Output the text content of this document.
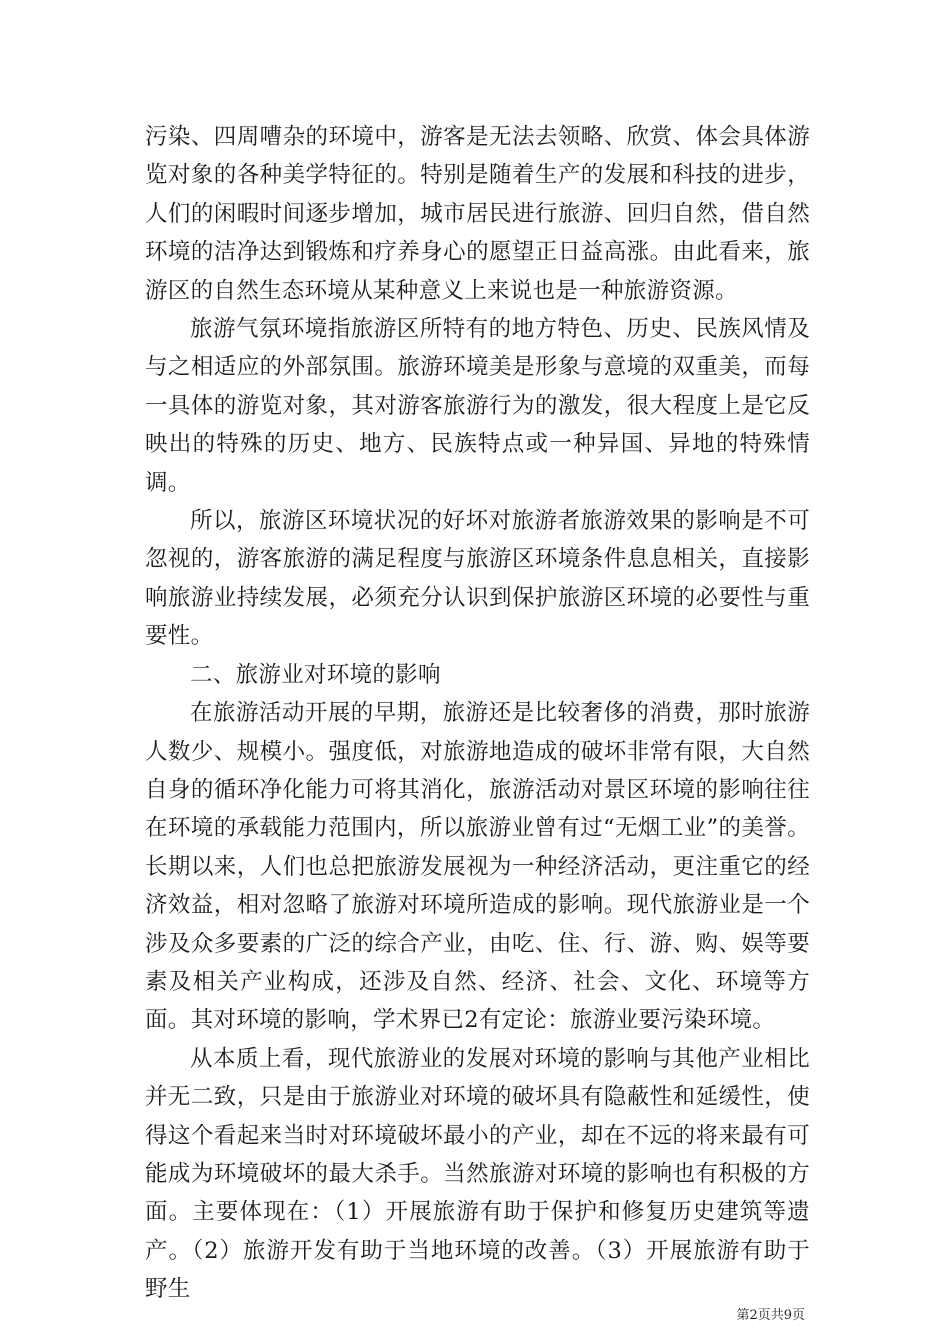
污染、四周嘈杂的环境中，游客是无法去领略、欣赏、体会具体游览对象的各种美学特征的。特别是随着生产的发展和科技的进步，人们的闲暇时间逐步增加，城市居民进行旅游、回归自然，借自然环境的洁净达到锻炼和疗养身心的愿望正日益高涨。由此看来，旅游区的自然生态环境从某种意义上来说也是一种旅游资源。

旅游气氛环境指旅游区所特有的地方特色、历史、民族风情及与之相适应的外部氛围。旅游环境美是形象与意境的双重美，而每一具体的游览对象，其对游客旅游行为的激发，很大程度上是它反映出的特殊的历史、地方、民族特点或一种异国、异地的特殊情调。

所以，旅游区环境状况的好坏对旅游者旅游效果的影响是不可忽视的，游客旅游的满足程度与旅游区环境条件息息相关，直接影响旅游业持续发展，必须充分认识到保护旅游区环境的必要性与重要性。

二、旅游业对环境的影响

在旅游活动开展的早期，旅游还是比较奢侈的消费，那时旅游人数少、规模小。强度低，对旅游地造成的破坏非常有限，大自然自身的循环净化能力可将其消化，旅游活动对景区环境的影响往往在环境的承载能力范围内，所以旅游业曾有过“无烟工业”的美誉。长期以来，人们也总把旅游发展视为一种经济活动，更注重它的经济效益，相对忽略了旅游对环境所造成的影响。现代旅游业是一个涉及众多要素的广泛的综合产业，由吃、住、行、游、购、娱等要素及相关产业构成，还涉及自然、经济、社会、文化、环境等方面。其对环境的影响，学术界已2有定论：旅游业要污染环境。

从本质上看，现代旅游业的发展对环境的影响与其他产业相比并无二致，只是由于旅游业对环境的破坏具有隐蔽性和延缓性，使得这个看起来当时对环境破坏最小的产业，却在不远的将来最有可能成为环境破坏的最大杀手。当然旅游对环境的影响也有积极的方面。主要体现在：（1）开展旅游有助于保护和修复历史建筑等遗产。（2）旅游开发有助于当地环境的改善。（3）开展旅游有助于野生

第2页共9页
